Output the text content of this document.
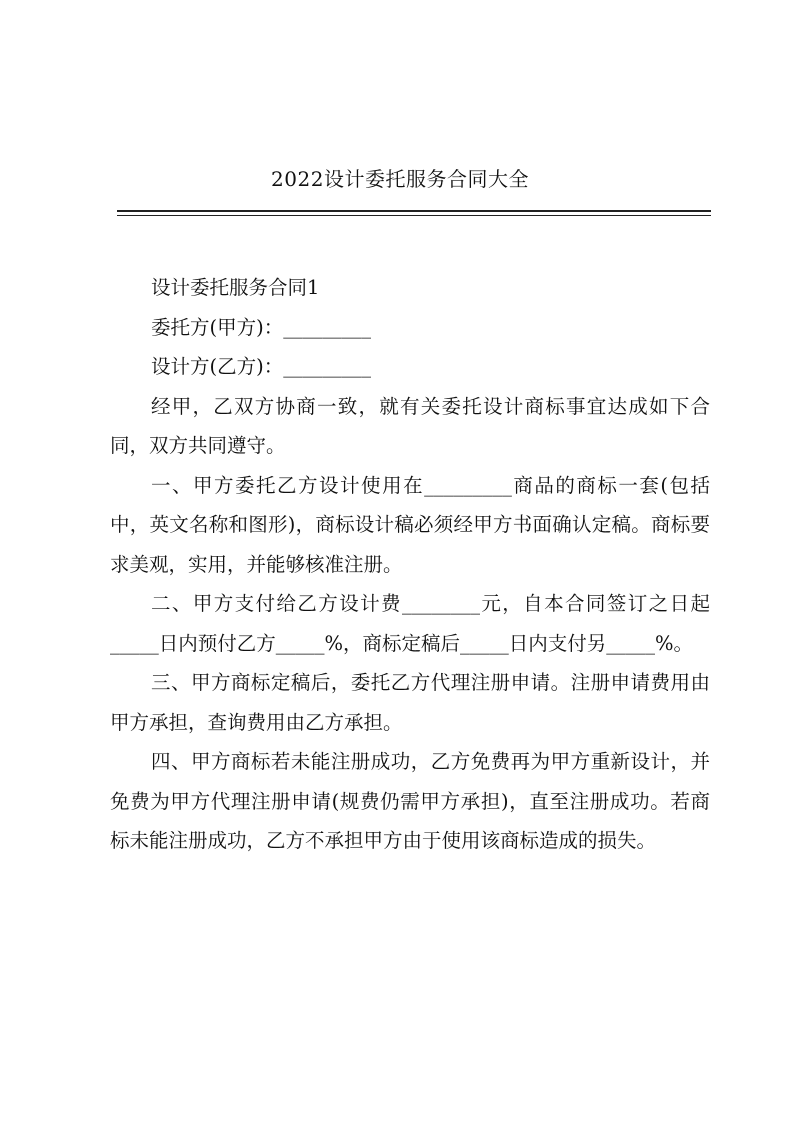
2022设计委托服务合同大全

设计委托服务合同1

委托方(甲方)：_________

设计方(乙方)：_________

经甲，乙双方协商一致，就有关委托设计商标事宜达成如下合同，双方共同遵守。

一、甲方委托乙方设计使用在_________商品的商标一套(包括中，英文名称和图形)，商标设计稿必须经甲方书面确认定稿。商标要求美观，实用，并能够核准注册。

二、甲方支付给乙方设计费________元，自本合同签订之日起_____日内预付乙方_____%，商标定稿后_____日内支付另_____%。

三、甲方商标定稿后，委托乙方代理注册申请。注册申请费用由甲方承担，查询费用由乙方承担。

四、甲方商标若未能注册成功，乙方免费再为甲方重新设计，并免费为甲方代理注册申请(规费仍需甲方承担)，直至注册成功。若商标未能注册成功，乙方不承担甲方由于使用该商标造成的损失。
